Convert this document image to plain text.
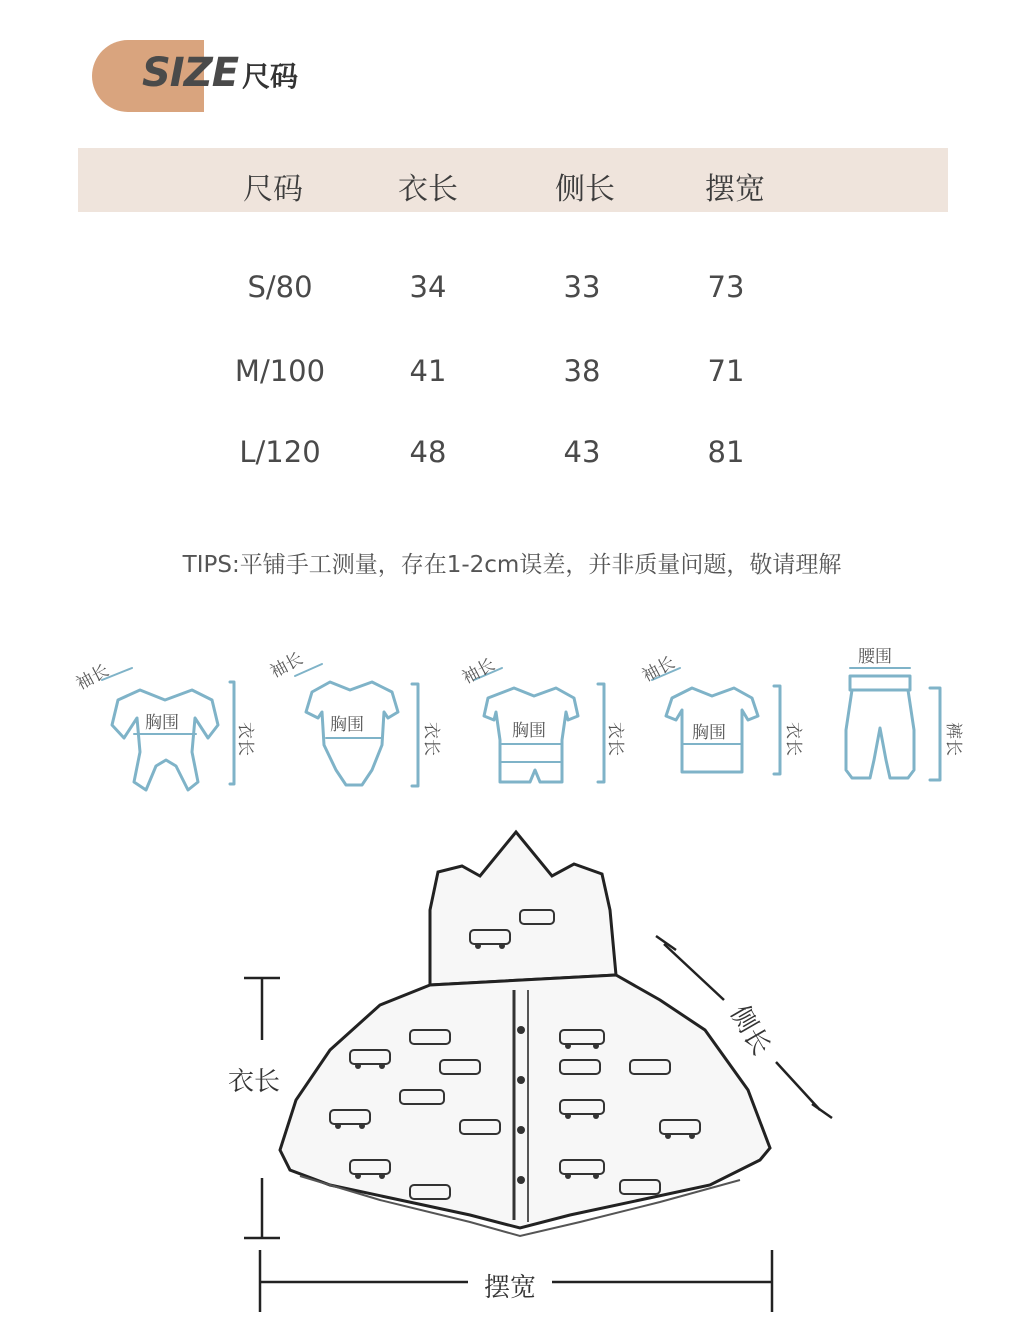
SIZE 尺码
尺码	衣长	侧长	摆宽
S/80	34	33	73
M/100	41	38	71
L/120	48	43	81
TIPS:平铺手工测量，存在1-2cm误差，并非质量问题，敬请理解
袖长
胸围	衣长
袖长
胸围	衣长
袖长
胸围	衣长
袖长
胸围	衣长
腰围
裤长
衣长
摆宽
侧长
